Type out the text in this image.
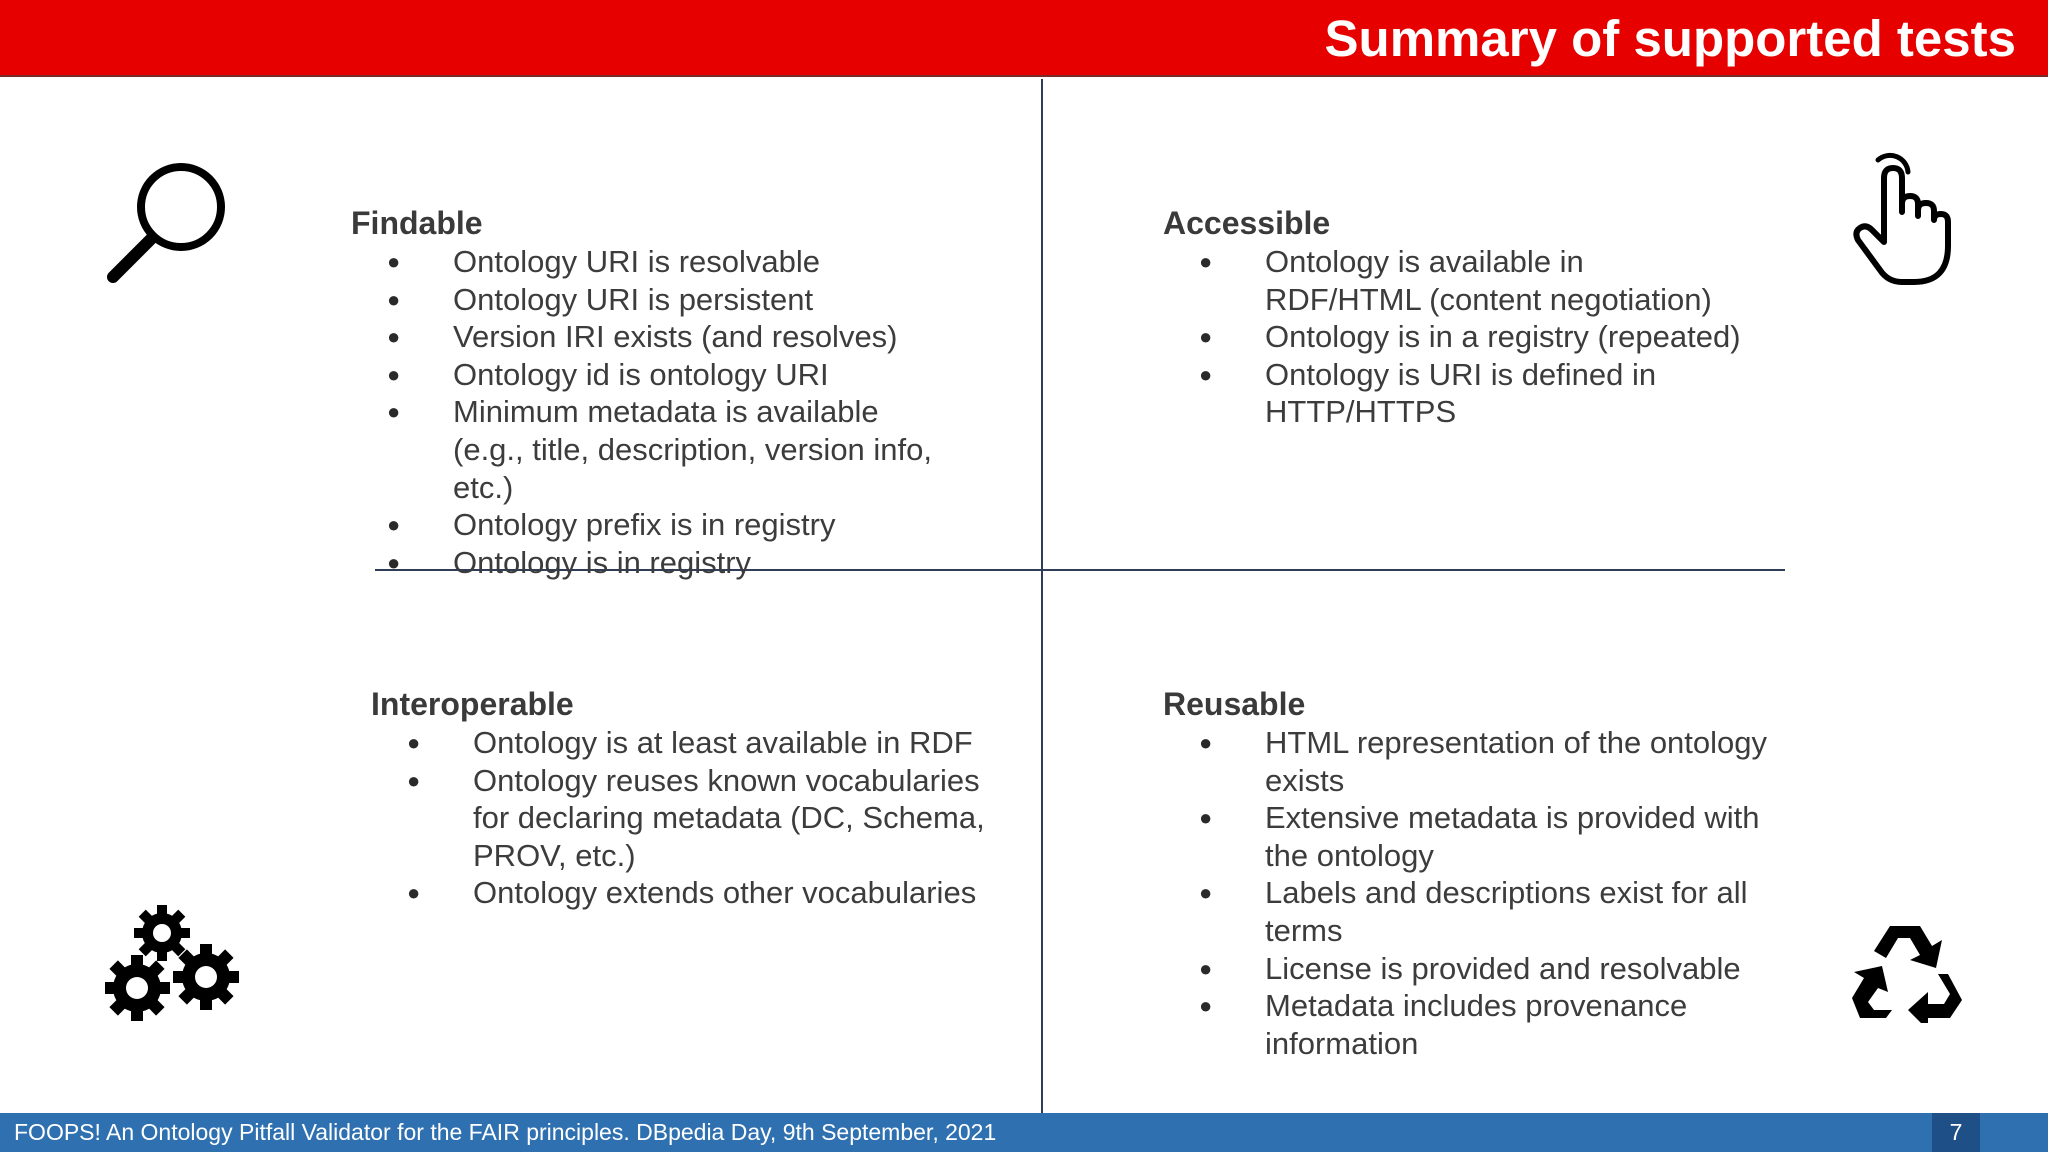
Summary of supported tests
Findable
● Ontology URI is resolvable
● Ontology URI is persistent
● Version IRI exists (and resolves)
● Ontology id is ontology URI
● Minimum metadata is available (e.g., title, description, version info, etc.)
● Ontology prefix is in registry
● Ontology is in registry
Accessible
● Ontology is available in RDF/HTML (content negotiation)
● Ontology is in a registry (repeated)
● Ontology is URI is defined in HTTP/HTTPS
Interoperable
● Ontology is at least available in RDF
● Ontology reuses known vocabularies for declaring metadata (DC, Schema, PROV, etc.)
● Ontology extends other vocabularies
Reusable
● HTML representation of the ontology exists
● Extensive metadata is provided with the ontology
● Labels and descriptions exist for all terms
● License is provided and resolvable
● Metadata includes provenance information
FOOPS! An Ontology Pitfall Validator for the FAIR principles. DBpedia Day, 9th September, 2021	7
